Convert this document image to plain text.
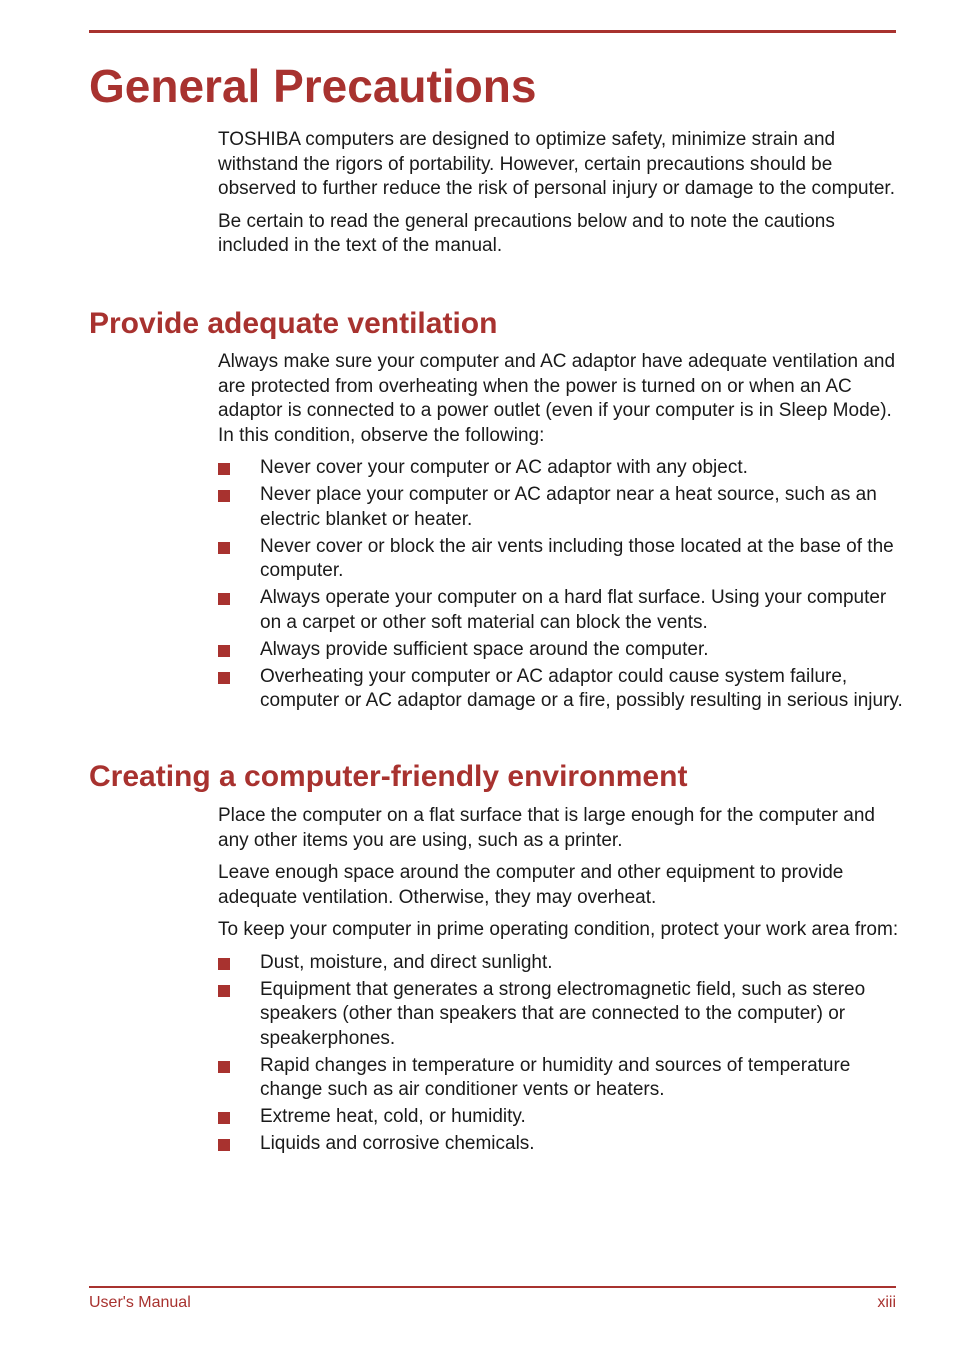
General Precautions

TOSHIBA computers are designed to optimize safety, minimize strain and withstand the rigors of portability. However, certain precautions should be observed to further reduce the risk of personal injury or damage to the computer.

Be certain to read the general precautions below and to note the cautions included in the text of the manual.

Provide adequate ventilation

Always make sure your computer and AC adaptor have adequate ventilation and are protected from overheating when the power is turned on or when an AC adaptor is connected to a power outlet (even if your computer is in Sleep Mode). In this condition, observe the following:

Never cover your computer or AC adaptor with any object.
Never place your computer or AC adaptor near a heat source, such as an electric blanket or heater.
Never cover or block the air vents including those located at the base of the computer.
Always operate your computer on a hard flat surface. Using your computer on a carpet or other soft material can block the vents.
Always provide sufficient space around the computer.
Overheating your computer or AC adaptor could cause system failure, computer or AC adaptor damage or a fire, possibly resulting in serious injury.
Creating a computer-friendly environment

Place the computer on a flat surface that is large enough for the computer and any other items you are using, such as a printer.

Leave enough space around the computer and other equipment to provide adequate ventilation. Otherwise, they may overheat.

To keep your computer in prime operating condition, protect your work area from:

Dust, moisture, and direct sunlight.
Equipment that generates a strong electromagnetic field, such as stereo speakers (other than speakers that are connected to the computer) or speakerphones.
Rapid changes in temperature or humidity and sources of temperature change such as air conditioner vents or heaters.
Extreme heat, cold, or humidity.
Liquids and corrosive chemicals.
User's Manual	xiii
